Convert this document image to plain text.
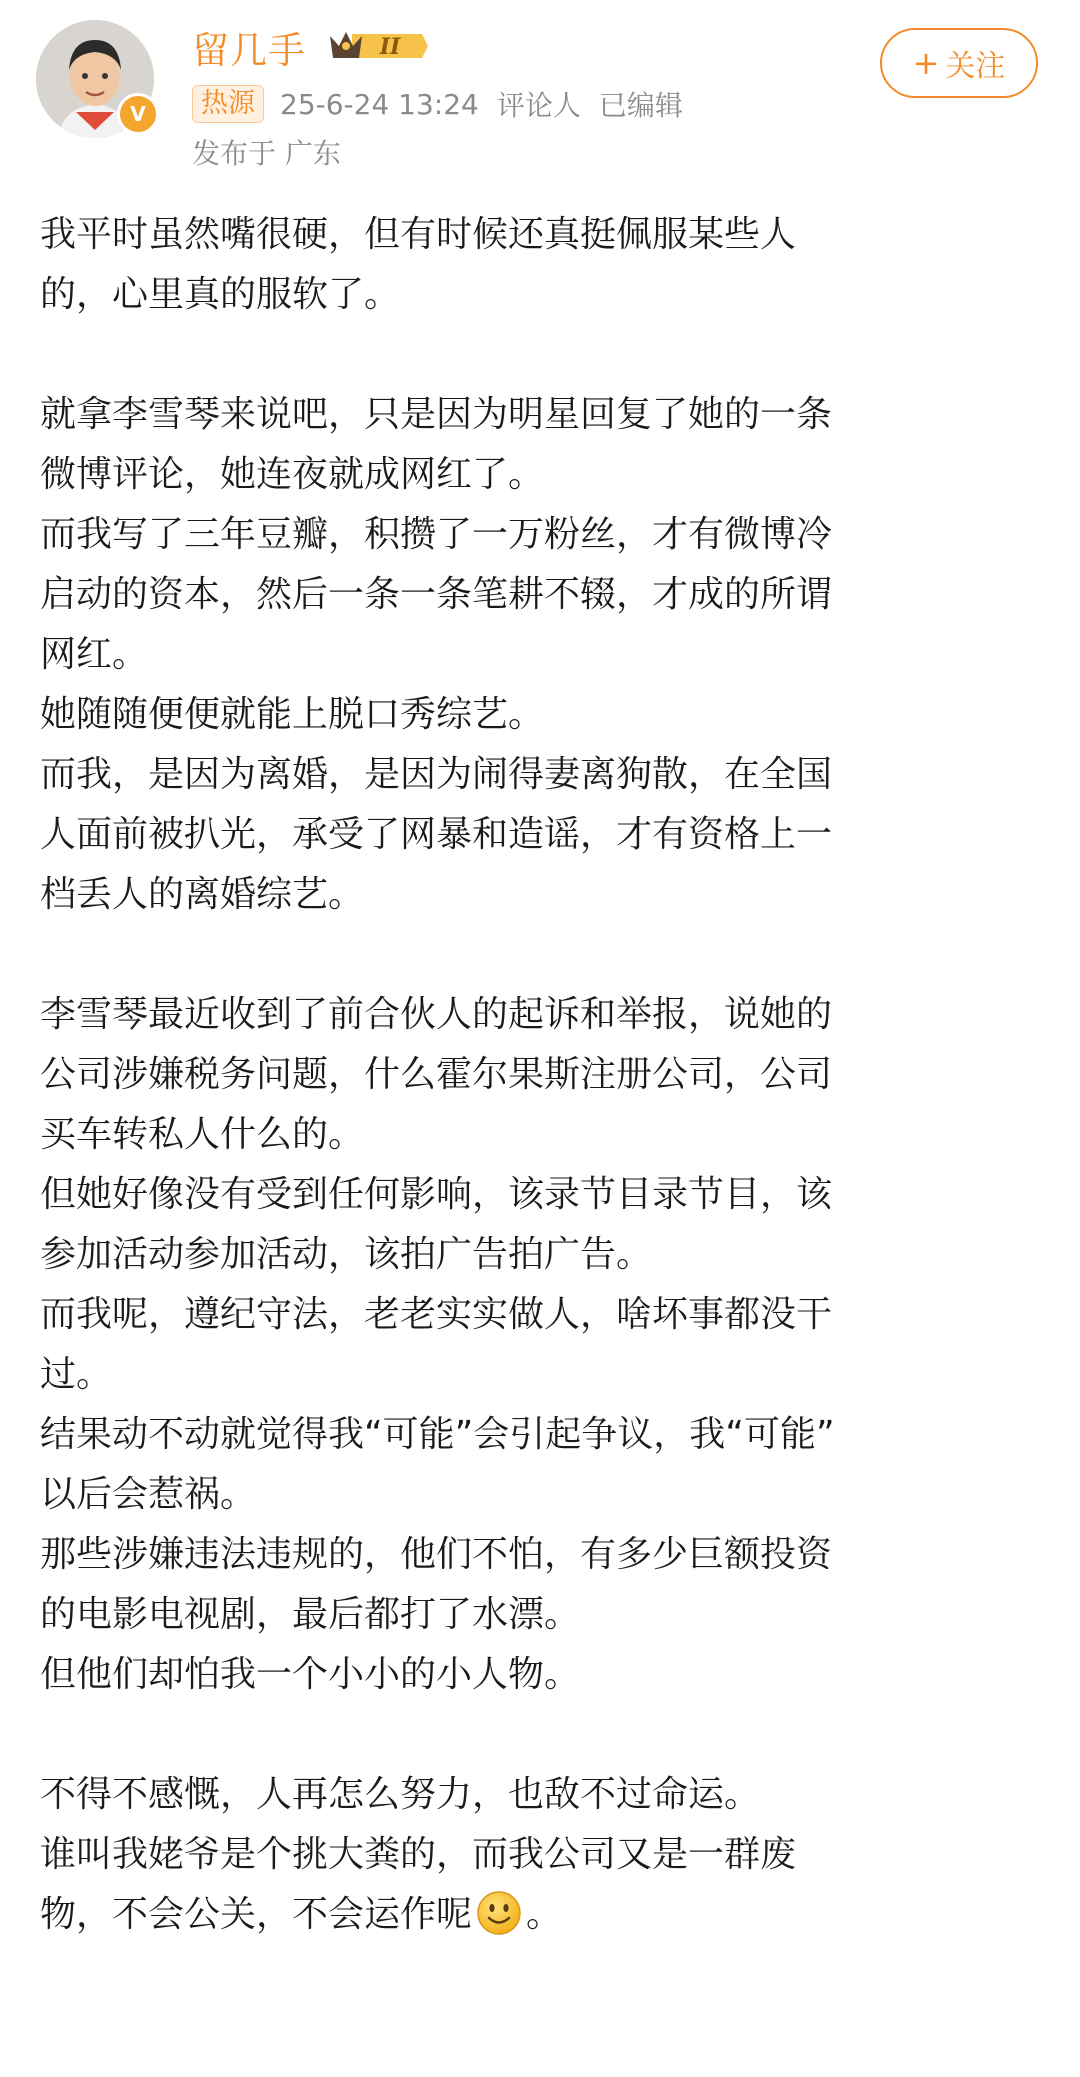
V
留几手	II
热源 25-6-24 13:24 评论人 已编辑
发布于 广东
+ 关注
我平时虽然嘴很硬，但有时候还真挺佩服某些人
的，心里真的服软了。
就拿李雪琴来说吧，只是因为明星回复了她的一条
微博评论，她连夜就成网红了。
而我写了三年豆瓣，积攒了一万粉丝，才有微博冷
启动的资本，然后一条一条笔耕不辍，才成的所谓
网红。
她随随便便就能上脱口秀综艺。
而我，是因为离婚，是因为闹得妻离狗散，在全国
人面前被扒光，承受了网暴和造谣，才有资格上一
档丢人的离婚综艺。
李雪琴最近收到了前合伙人的起诉和举报，说她的
公司涉嫌税务问题，什么霍尔果斯注册公司，公司
买车转私人什么的。
但她好像没有受到任何影响，该录节目录节目，该
参加活动参加活动，该拍广告拍广告。
而我呢，遵纪守法，老老实实做人，啥坏事都没干
过。
结果动不动就觉得我“可能”会引起争议，我“可能”
以后会惹祸。
那些涉嫌违法违规的，他们不怕，有多少巨额投资
的电影电视剧，最后都打了水漂。
但他们却怕我一个小小的小人物。
不得不感慨，人再怎么努力，也敌不过命运。
谁叫我姥爷是个挑大粪的，而我公司又是一群废
物，不会公关，不会运作呢 。
